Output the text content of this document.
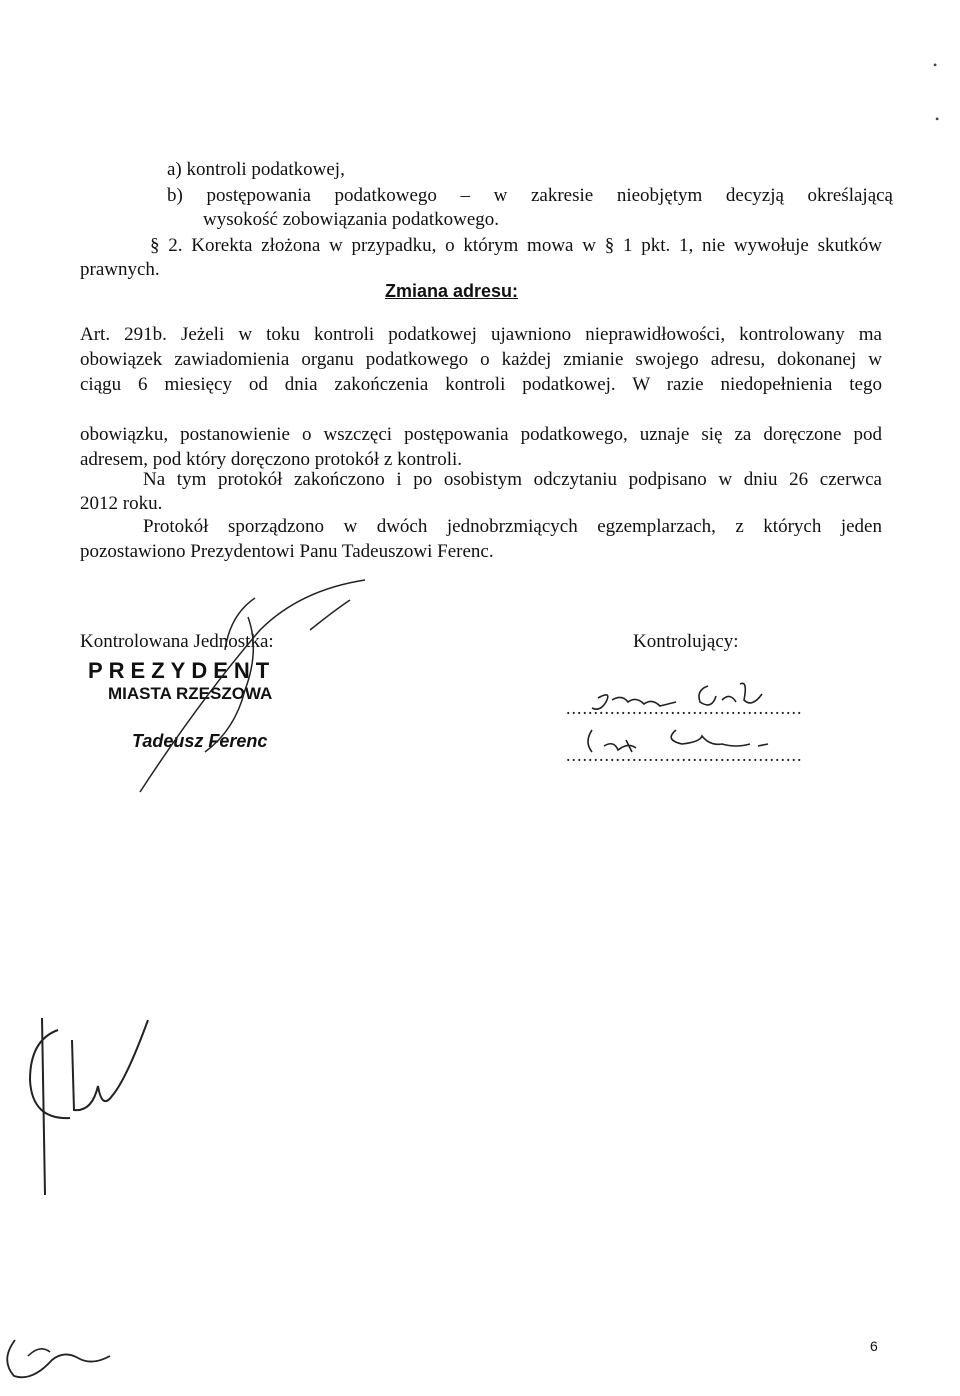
•
•
a) kontroli podatkowej,
b) postępowania podatkowego – w zakresie nieobjętym decyzją określającą
wysokość zobowiązania podatkowego.
§ 2. Korekta złożona w przypadku, o którym mowa w § 1 pkt. 1, nie wywołuje skutków
prawnych.
Zmiana adresu:
Art. 291b. Jeżeli w toku kontroli podatkowej ujawniono nieprawidłowości, kontrolowany ma
obowiązek zawiadomienia organu podatkowego o każdej zmianie swojego adresu, dokonanej w
ciągu 6 miesięcy od dnia zakończenia kontroli podatkowej. W razie niedopełnienia tego
obowiązku, postanowienie o wszczęci postępowania podatkowego, uznaje się za doręczone pod
adresem, pod który doręczono protokół z kontroli.
Na tym protokół zakończono i po osobistym odczytaniu podpisano w dniu 26 czerwca
2012 roku.
Protokół sporządzono w dwóch jednobrzmiących egzemplarzach, z których jeden
pozostawiono Prezydentowi Panu Tadeuszowi Ferenc.
Kontrolowana Jednostka:	Kontrolujący:
PREZYDENT
MIASTA RZESZOWA
Tadeusz Ferenc
...........................................
...........................................
6
